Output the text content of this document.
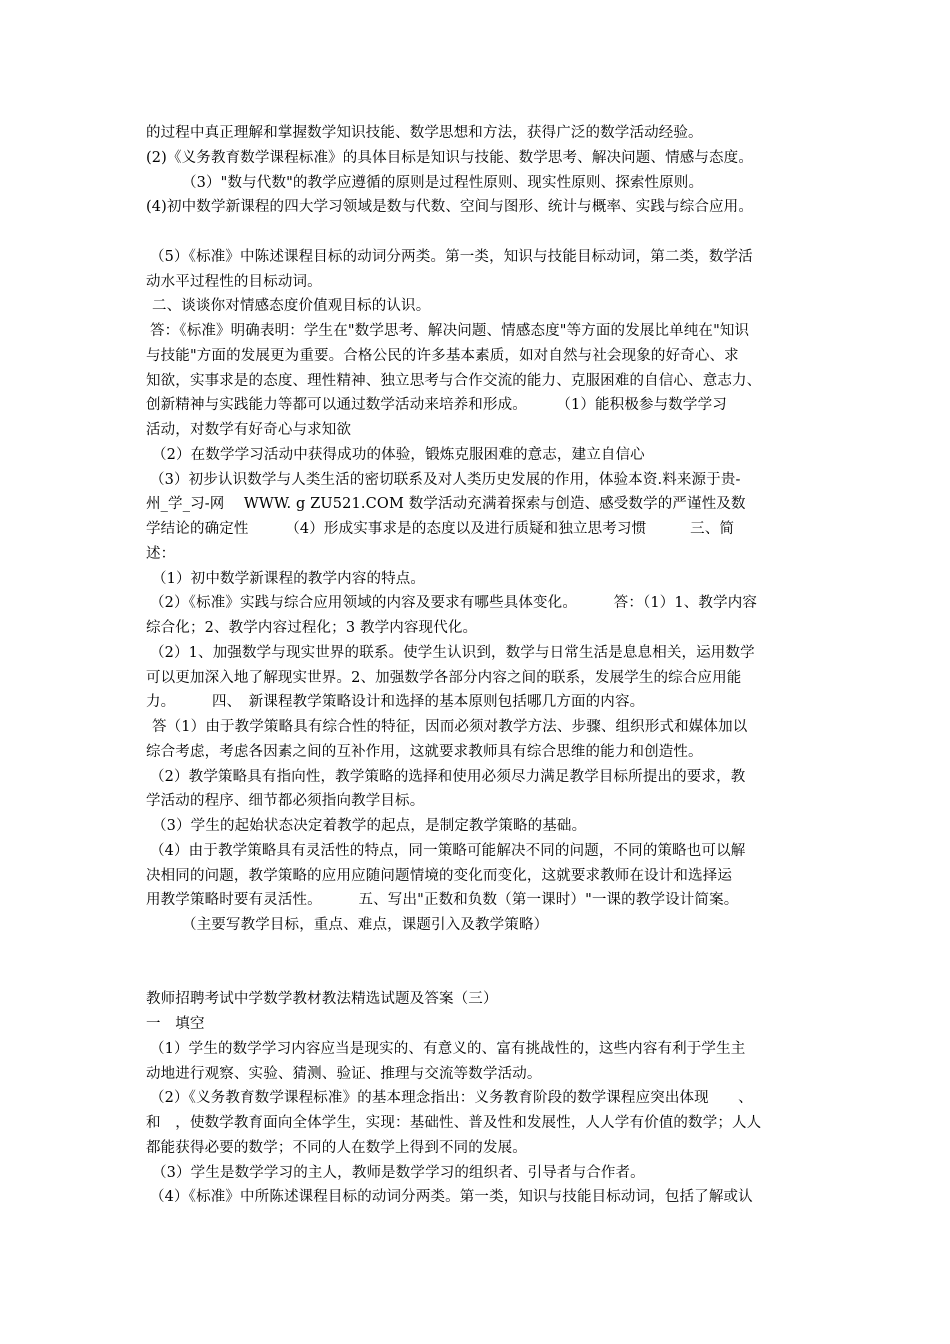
的过程中真正理解和掌握数学知识技能、数学思想和方法，获得广泛的数学活动经验。
(2)《义务教育数学课程标准》的具体目标是知识与技能、数学思考、解决问题、情感与态度。
（3）"数与代数"的教学应遵循的原则是过程性原则、现实性原则、探索性原则。
(4)初中数学新课程的四大学习领域是数与代数、空间与图形、统计与概率、实践与综合应用。
（5）《标准》中陈述课程目标的动词分两类。第一类，知识与技能目标动词，第二类，数学活
动水平过程性的目标动词。
二、谈谈你对情感态度价值观目标的认识。
答：《标准》明确表明：学生在"数学思考、解决问题、情感态度"等方面的发展比单纯在"知识
与技能"方面的发展更为重要。合格公民的许多基本素质，如对自然与社会现象的好奇心、求
知欲，实事求是的态度、理性精神、独立思考与合作交流的能力、克服困难的自信心、意志力、
创新精神与实践能力等都可以通过数学活动来培养和形成。　　　（1）能积极参与数学学习
活动，对数学有好奇心与求知欲
（2）在数学学习活动中获得成功的体验，锻炼克服困难的意志，建立自信心
（3）初步认识数学与人类生活的密切联系及对人类历史发展的作用，体验本资.料来源于贵-
州_学_习-网　 WWW. g ZU521.COM 数学活动充满着探索与创造、感受数学的严谨性及数
学结论的确定性　　　（4）形成实事求是的态度以及进行质疑和独立思考习惯　　　三、简
述：
（1）初中数学新课程的教学内容的特点。
（2）《标准》实践与综合应用领域的内容及要求有哪些具体变化。　　　答：（1）1、教学内容
综合化；2、教学内容过程化；3 教学内容现代化。
（2）1、加强数学与现实世界的联系。使学生认识到，数学与日常生活是息息相关，运用数学
可以更加深入地了解现实世界。2、加强数学各部分内容之间的联系，发展学生的综合应用能
力。　　　四、　新课程教学策略设计和选择的基本原则包括哪几方面的内容。
答（1）由于教学策略具有综合性的特征，因而必须对教学方法、步骤、组织形式和媒体加以
综合考虑，考虑各因素之间的互补作用，这就要求教师具有综合思维的能力和创造性。
（2）教学策略具有指向性，教学策略的选择和使用必须尽力满足教学目标所提出的要求，教
学活动的程序、细节都必须指向教学目标。
（3）学生的起始状态决定着教学的起点，是制定教学策略的基础。
（4）由于教学策略具有灵活性的特点，同一策略可能解决不同的问题，不同的策略也可以解
决相同的问题，教学策略的应用应随问题情境的变化而变化，这就要求教师在设计和选择运
用教学策略时要有灵活性。　　　五、写出"正数和负数（第一课时）"一课的教学设计简案。
（主要写教学目标，重点、难点，课题引入及教学策略）
教师招聘考试中学数学教材教法精选试题及答案（三）
一　填空
（1）学生的数学学习内容应当是现实的、有意义的、富有挑战性的，这些内容有利于学生主
动地进行观察、实验、猜测、验证、推理与交流等数学活动。
（2）《义务教育数学课程标准》的基本理念指出：义务教育阶段的数学课程应突出体现　　、
和　，使数学教育面向全体学生，实现：基础性、普及性和发展性，人人学有价值的数学；人人
都能获得必要的数学；不同的人在数学上得到不同的发展。
（3）学生是数学学习的主人，教师是数学学习的组织者、引导者与合作者。
（4）《标准》中所陈述课程目标的动词分两类。第一类，知识与技能目标动词，包括了解或认
